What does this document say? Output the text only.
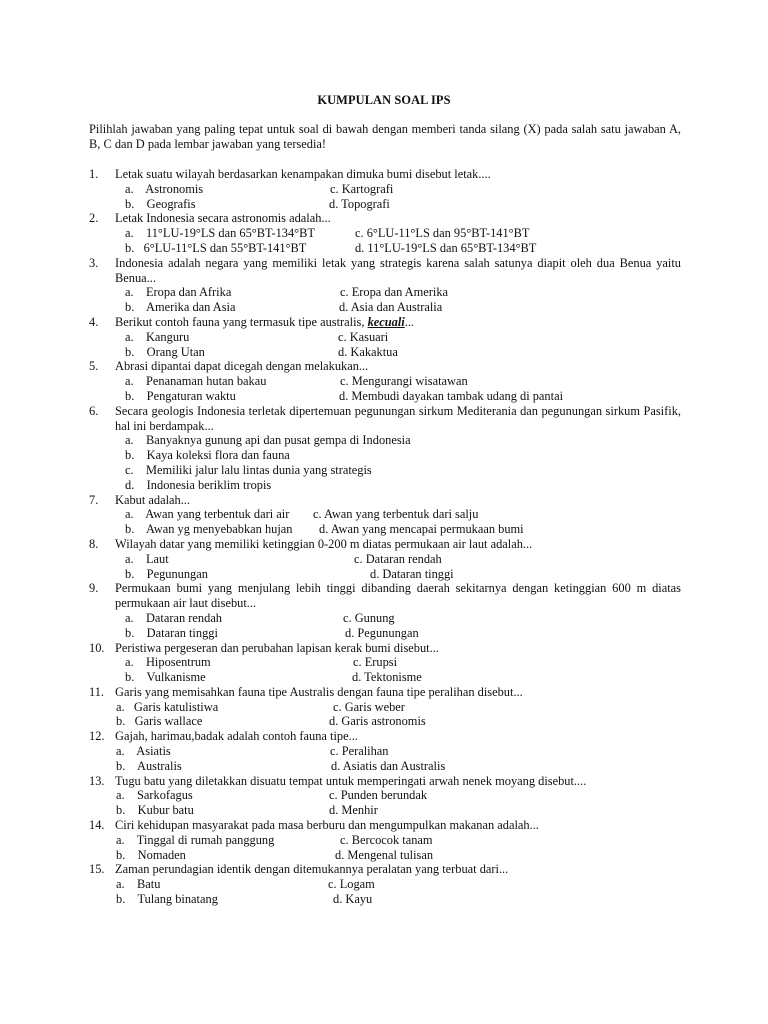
KUMPULAN SOAL IPS
Pilihlah jawaban yang paling tepat untuk soal di bawah dengan memberi tanda silang (X) pada salah satu jawaban A, B, C dan D pada lembar jawaban yang tersedia!
1.	Letak suatu wilayah berdasarkan kenampakan dimuka bumi disebut letak....
a.    Astronomis	c. Kartografi
b.    Geografis	d. Topografi
2.	Letak Indonesia secara astronomis adalah...
a.    11°LU-19°LS dan 65°BT-134°BT	c. 6°LU-11°LS dan 95°BT-141°BT
b.   6°LU-11°LS dan 55°BT-141°BT	d. 11°LU-19°LS dan 65°BT-134°BT
3.	Indonesia adalah negara yang memiliki letak yang strategis karena salah satunya diapit oleh dua Benua yaitu Benua...
a.    Eropa dan Afrika	c. Eropa dan Amerika
b.    Amerika dan Asia	d. Asia dan Australia
4.	Berikut contoh fauna yang termasuk tipe australis, kecuali...
a.    Kanguru	c. Kasuari
b.    Orang Utan	d. Kakaktua
5.	Abrasi dipantai dapat dicegah dengan melakukan...
a.    Penanaman hutan bakau	c. Mengurangi wisatawan
b.    Pengaturan waktu	d. Membudi dayakan tambak udang di pantai
6.	Secara geologis Indonesia terletak dipertemuan pegunungan sirkum Mediterania dan pegunungan sirkum Pasifik, hal ini berdampak...
a.    Banyaknya gunung api dan pusat gempa di Indonesia
b.    Kaya koleksi flora dan fauna
c.    Memiliki jalur lalu lintas dunia yang strategis
d.    Indonesia beriklim tropis
7.	Kabut adalah...
a.    Awan yang terbentuk dari air c. Awan yang terbentuk dari salju
b.    Awan yg menyebabkan hujan d. Awan yang mencapai permukaan bumi
8.	Wilayah datar yang memiliki ketinggian 0-200 m diatas permukaan air laut adalah...
a.    Laut	c. Dataran rendah
b.    Pegunungan	d. Dataran tinggi
9.	Permukaan bumi yang menjulang lebih tinggi dibanding daerah sekitarnya dengan ketinggian 600 m diatas permukaan air laut disebut...
a.    Dataran rendah	c. Gunung
b.    Dataran tinggi	d. Pegunungan
10. Peristiwa pergeseran dan perubahan lapisan kerak bumi disebut...
a.    Hiposentrum	c. Erupsi
b.    Vulkanisme	d. Tektonisme
11. Garis yang memisahkan fauna tipe Australis dengan fauna tipe peralihan disebut...
a.   Garis katulistiwa	c. Garis weber
b.   Garis wallace	d. Garis astronomis
12. Gajah, harimau,badak adalah contoh fauna tipe...
a.    Asiatis	c. Peralihan
b.    Australis	d. Asiatis dan Australis
13. Tugu batu yang diletakkan disuatu tempat untuk memperingati arwah nenek moyang disebut....
a.    Sarkofagus	c. Punden berundak
b.    Kubur batu	d. Menhir
14. Ciri kehidupan masyarakat pada masa berburu dan mengumpulkan makanan adalah...
a.    Tinggal di rumah panggung	c. Bercocok tanam
b.    Nomaden	d. Mengenal tulisan
15. Zaman perundagian identik dengan ditemukannya peralatan yang terbuat dari...
a.    Batu	c. Logam
b.    Tulang binatang	d. Kayu
